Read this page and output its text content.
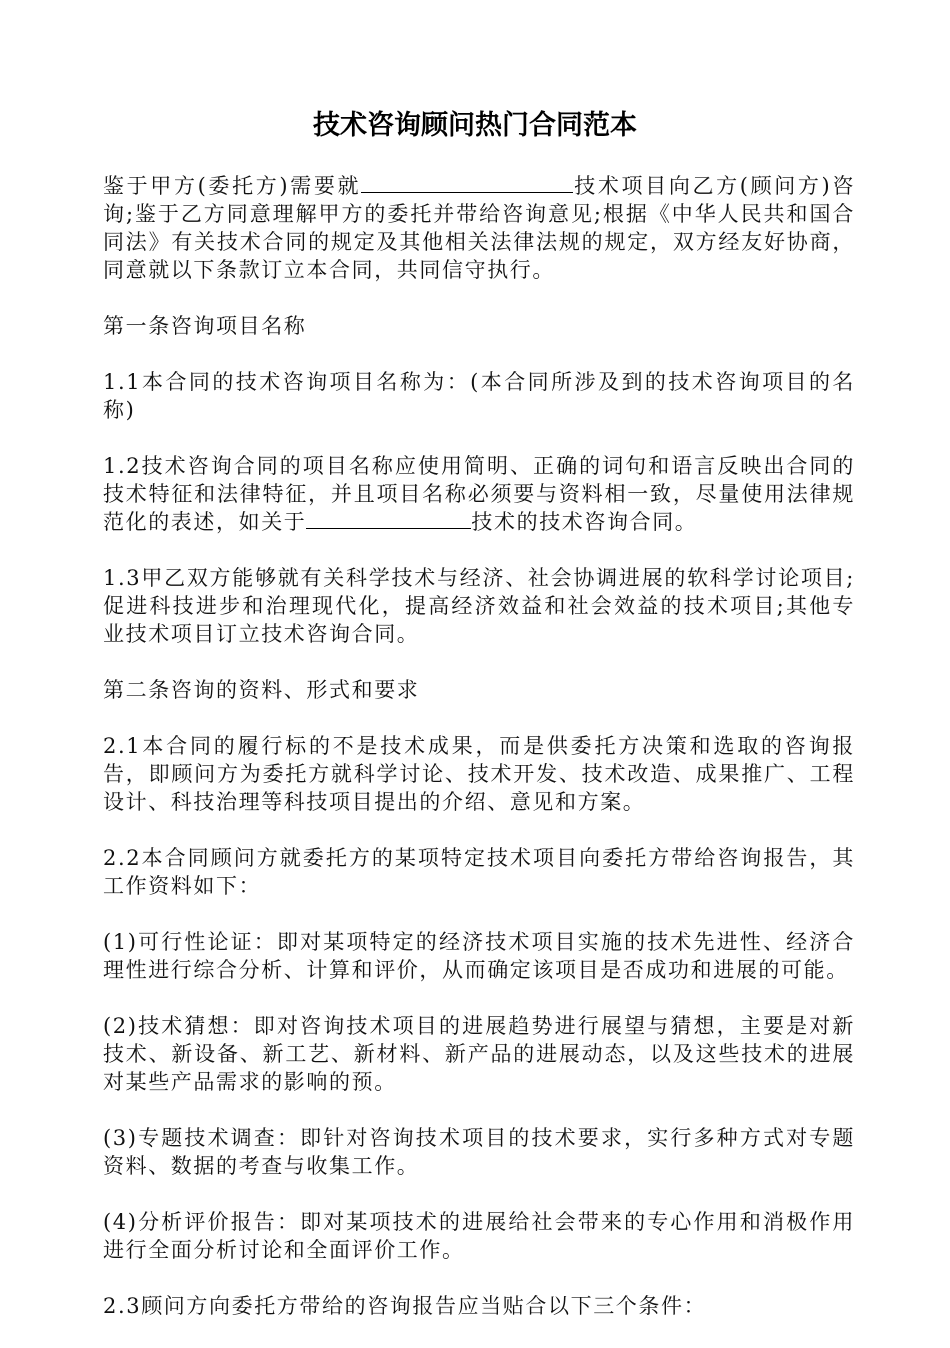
技术咨询顾问热门合同范本

鉴于甲方(委托方)需要就	技术项目向乙方(顾问方)咨询;鉴于乙方同意理解甲方的委托并带给咨询意见;根据《中华人民共和国合同法》有关技术合同的规定及其他相关法律法规的规定，双方经友好协商，同意就以下条款订立本合同，共同信守执行。

第一条咨询项目名称

1.1本合同的技术咨询项目名称为：(本合同所涉及到的技术咨询项目的名称)

1.2技术咨询合同的项目名称应使用简明、正确的词句和语言反映出合同的技术特征和法律特征，并且项目名称必须要与资料相一致，尽量使用法律规范化的表述，如关于	技术的技术咨询合同。

1.3甲乙双方能够就有关科学技术与经济、社会协调进展的软科学讨论项目;促进科技进步和治理现代化，提高经济效益和社会效益的技术项目;其他专业技术项目订立技术咨询合同。

第二条咨询的资料、形式和要求

2.1本合同的履行标的不是技术成果，而是供委托方决策和选取的咨询报告，即顾问方为委托方就科学讨论、技术开发、技术改造、成果推广、工程设计、科技治理等科技项目提出的介绍、意见和方案。

2.2本合同顾问方就委托方的某项特定技术项目向委托方带给咨询报告，其工作资料如下：

(1)可行性论证：即对某项特定的经济技术项目实施的技术先进性、经济合理性进行综合分析、计算和评价，从而确定该项目是否成功和进展的可能。

(2)技术猜想：即对咨询技术项目的进展趋势进行展望与猜想，主要是对新技术、新设备、新工艺、新材料、新产品的进展动态，以及这些技术的进展对某些产品需求的影响的预。

(3)专题技术调查：即针对咨询技术项目的技术要求，实行多种方式对专题资料、数据的考查与收集工作。

(4)分析评价报告：即对某项技术的进展给社会带来的专心作用和消极作用进行全面分析讨论和全面评价工作。

2.3顾问方向委托方带给的咨询报告应当贴合以下三个条件：
